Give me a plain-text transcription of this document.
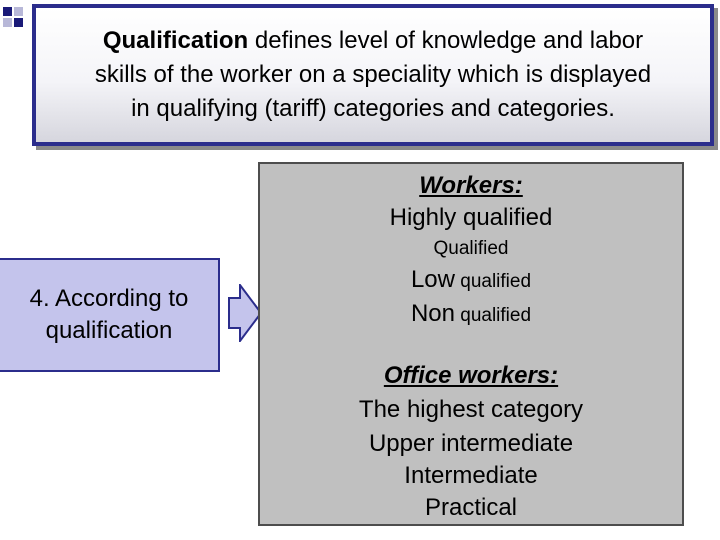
Qualification defines level of knowledge and labor
skills of the worker on a speciality which is displayed
in qualifying (tariff) categories and categories.
4. According to
qualification
Workers:
Highly qualified
Qualified
Low qualified
Non qualified
Office workers:
The highest category
Upper intermediate
Intermediate
Practical
